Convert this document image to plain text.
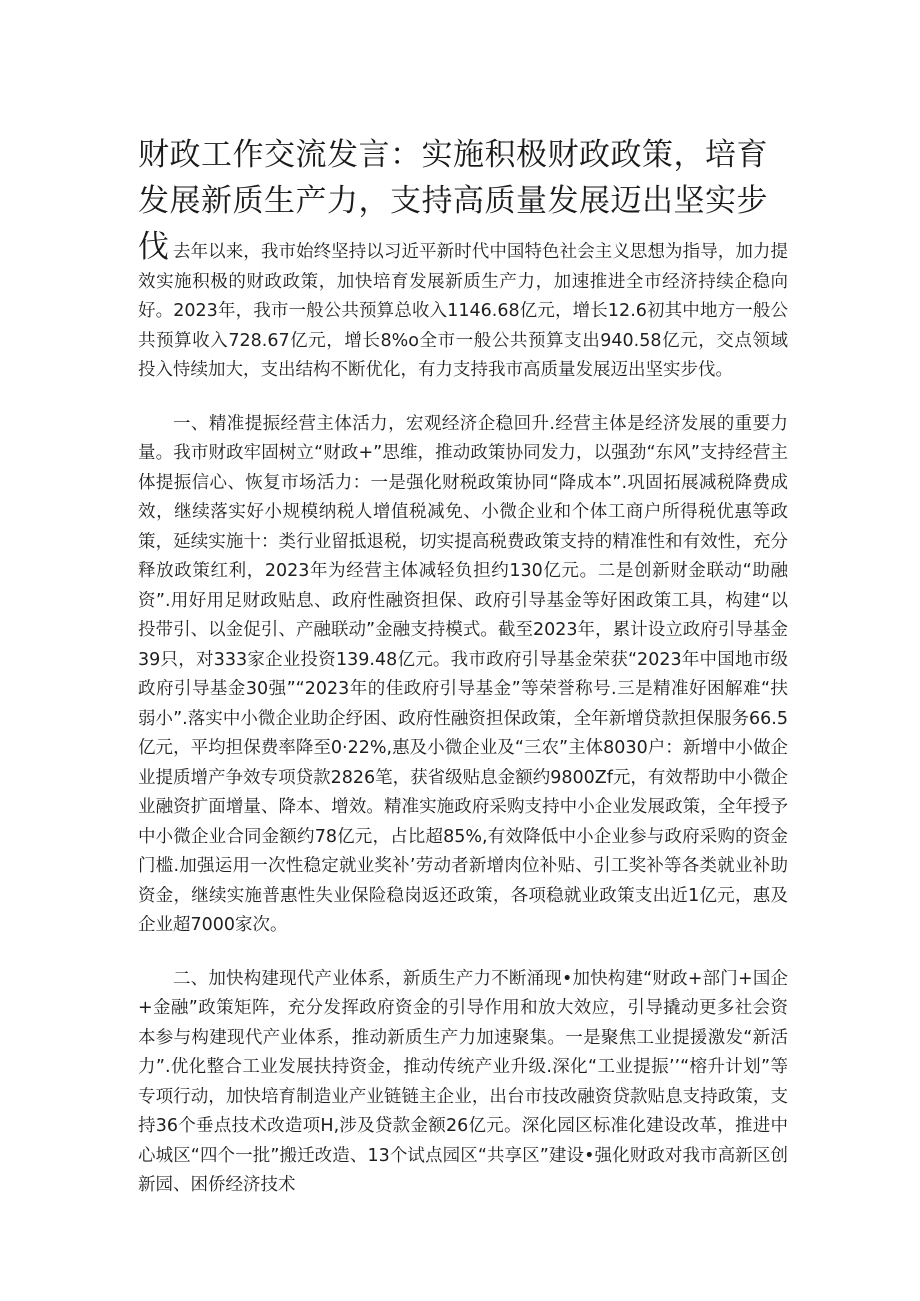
财政工作交流发言：实施积极财政政策，培育发展新质生产力，支持高质量发展迈出坚实步伐 去年以来，我市始终坚持以习近平新时代中国特色社会主义思想为指导，加力提效实施积极的财政政策，加快培育发展新质生产力，加速推进全市经济持续企稳向好。2023年，我市一般公共预算总收入1146.68亿元，增长12.6初其中地方一般公共预算收入728.67亿元，增长8%o全市一般公共预算支出940.58亿元，交点领域投入恃续加大，支出结构不断优化，有力支持我市高质量发展迈出坚实步伐。

一、精准提振经营主体活力，宏观经济企稳回升.经营主体是经济发展的重要力量。我市财政牢固树立“财政+”思维，推动政策协同发力，以强劲“东风”支持经营主体提振信心、恢复市场活力：一是强化财税政策协同“降成本”.巩固拓展减税降费成效，继续落实好小规模纳税人增值税减免、小微企业和个体工商户所得税优惠等政策，延续实施十：类行业留抵退税，切实提高税费政策支持的精准性和有效性，充分释放政策红利，2023年为经营主体减轻负担约130亿元。二是创新财金联动“助融资”.用好用足财政贴息、政府性融资担保、政府引导基金等好困政策工具，构建“以投带引、以金促引、产融联动”金融支持模式。截至2023年，累计设立政府引导基金39只，对333家企业投资139.48亿元。我市政府引导基金荣获“2023年中国地市级政府引导基金30强”“2023年的佳政府引导基金”等荣誉称号.三是精准好困解难“扶弱小”.落实中小微企业助企纾困、政府性融资担保政策，全年新增贷款担保服务66.5亿元，平均担保费率降至0·22%,惠及小微企业及“三农”主体8030户：新增中小做企业提质增产争效专项贷款2826笔，获省级贴息金额约9800Zf元，有效帮助中小微企业融资扩面增量、降本、增效。精准实施政府采购支持中小企业发展政策，全年授予中小微企业合同金额约78亿元，占比超85%,有效降低中小企业参与政府采购的资金门槛.加强运用一次性稳定就业奖补’劳动者新增肉位补贴、引工奖补等各类就业补助资金，继续实施普惠性失业保险稳岗返还政策，各项稳就业政策支出近1亿元，惠及企业超7000家次。

二、加快构建现代产业体系，新质生产力不断涌现•加快构建“财政+部门+国企+金融”政策矩阵，充分发挥政府资金的引导作用和放大效应，引导撬动更多社会资本参与构建现代产业体系，推动新质生产力加速聚集。一是聚焦工业提援激发“新活力”.优化整合工业发展扶持资金，推动传统产业升级.深化“工业提振’’“榕升计划”等专项行动，加快培育制造业产业链链主企业，出台市技改融资贷款贴息支持政策，支持36个垂点技术改造项H,涉及贷款金额26亿元。深化园区标准化建设改革，推进中心城区“四个一批”搬迁改造、13个试点园区“共享区”建设•强化财政对我市高新区创新园、困侨经济技术
